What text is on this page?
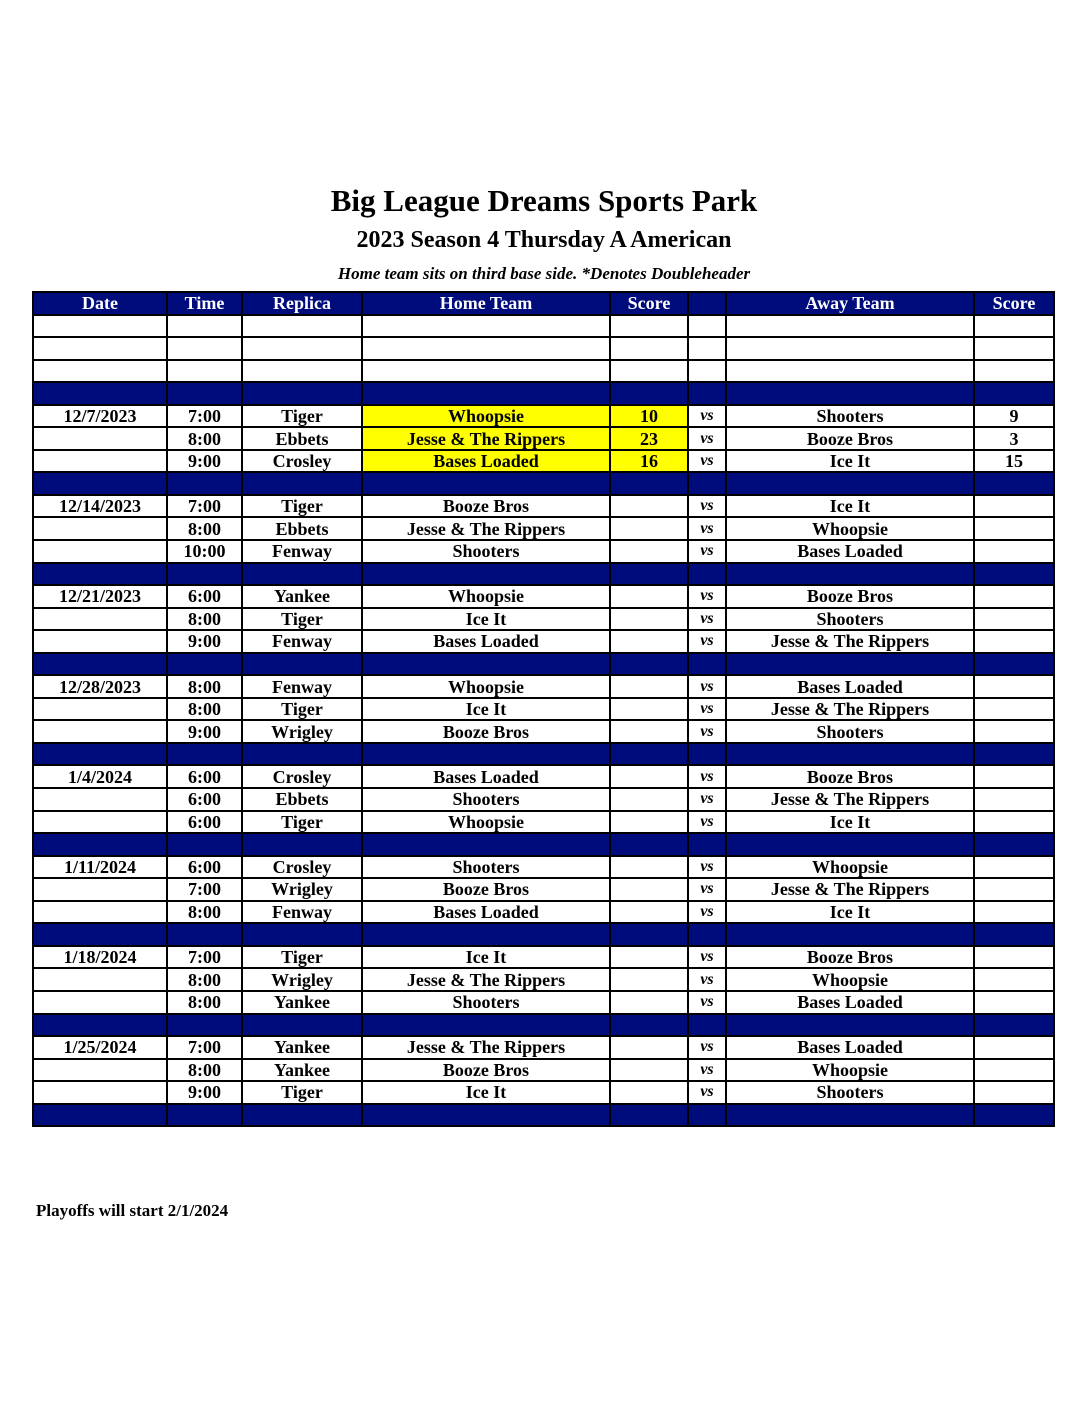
Big League Dreams Sports Park
2023 Season 4 Thursday A American
Home team sits on third base side. *Denotes Doubleheader
Date	Time	Replica	Home Team	Score		Away Team	Score

12/7/2023	7:00	Tiger	Whoopsie	10	vs	Shooters	9
	8:00	Ebbets	Jesse & The Rippers	23	vs	Booze Bros	3
	9:00	Crosley	Bases Loaded	16	vs	Ice It	15

12/14/2023	7:00	Tiger	Booze Bros		vs	Ice It	
	8:00	Ebbets	Jesse & The Rippers		vs	Whoopsie	
	10:00	Fenway	Shooters		vs	Bases Loaded	

12/21/2023	6:00	Yankee	Whoopsie		vs	Booze Bros	
	8:00	Tiger	Ice It		vs	Shooters	
	9:00	Fenway	Bases Loaded		vs	Jesse & The Rippers	

12/28/2023	8:00	Fenway	Whoopsie		vs	Bases Loaded	
	8:00	Tiger	Ice It		vs	Jesse & The Rippers	
	9:00	Wrigley	Booze Bros		vs	Shooters	

1/4/2024	6:00	Crosley	Bases Loaded		vs	Booze Bros	
	6:00	Ebbets	Shooters		vs	Jesse & The Rippers	
	6:00	Tiger	Whoopsie		vs	Ice It	

1/11/2024	6:00	Crosley	Shooters		vs	Whoopsie	
	7:00	Wrigley	Booze Bros		vs	Jesse & The Rippers	
	8:00	Fenway	Bases Loaded		vs	Ice It	

1/18/2024	7:00	Tiger	Ice It		vs	Booze Bros	
	8:00	Wrigley	Jesse & The Rippers		vs	Whoopsie	
	8:00	Yankee	Shooters		vs	Bases Loaded	

1/25/2024	7:00	Yankee	Jesse & The Rippers		vs	Bases Loaded	
	8:00	Yankee	Booze Bros		vs	Whoopsie	
	9:00	Tiger	Ice It		vs	Shooters	

Playoffs will start 2/1/2024
